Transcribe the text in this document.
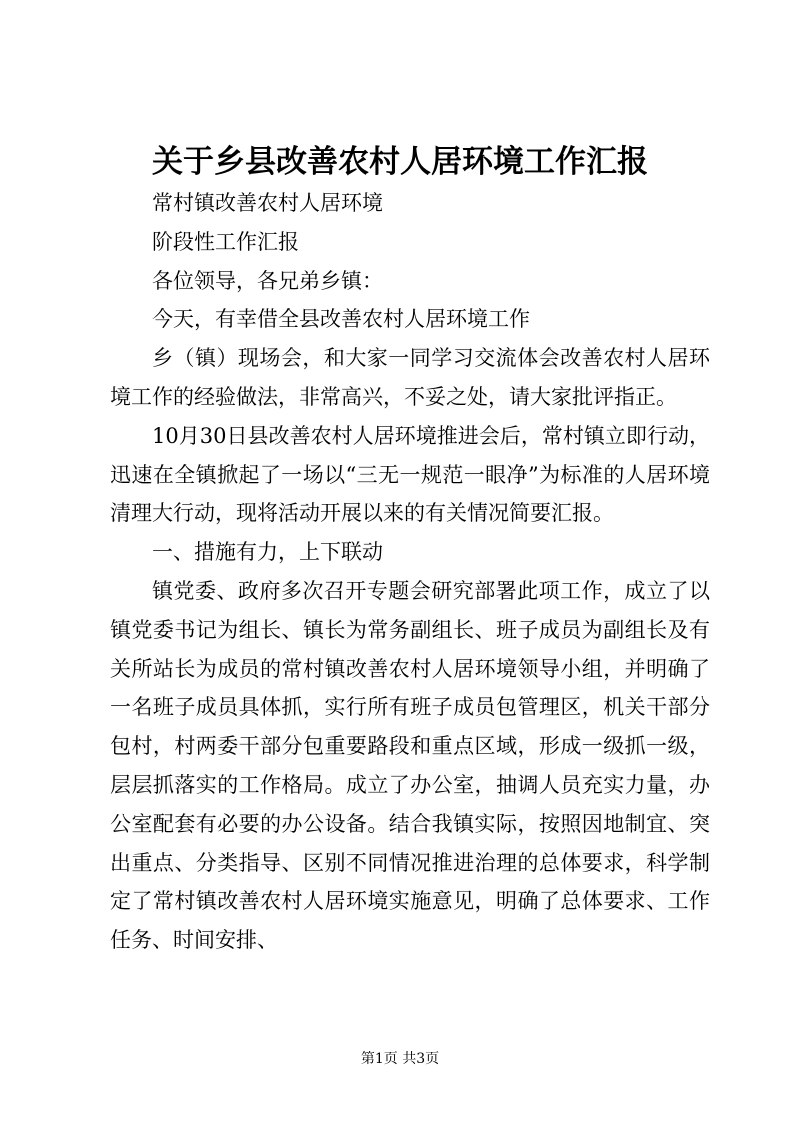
关于乡县改善农村人居环境工作汇报

常村镇改善农村人居环境

阶段性工作汇报

各位领导，各兄弟乡镇：

今天，有幸借全县改善农村人居环境工作

乡（镇）现场会，和大家一同学习交流体会改善农村人居环境工作的经验做法，非常高兴，不妥之处，请大家批评指正。

10月30日县改善农村人居环境推进会后，常村镇立即行动，迅速在全镇掀起了一场以“三无一规范一眼净”为标准的人居环境清理大行动，现将活动开展以来的有关情况简要汇报。

一、措施有力，上下联动

镇党委、政府多次召开专题会研究部署此项工作，成立了以镇党委书记为组长、镇长为常务副组长、班子成员为副组长及有关所站长为成员的常村镇改善农村人居环境领导小组，并明确了一名班子成员具体抓，实行所有班子成员包管理区，机关干部分包村，村两委干部分包重要路段和重点区域，形成一级抓一级，层层抓落实的工作格局。成立了办公室，抽调人员充实力量，办公室配套有必要的办公设备。结合我镇实际，按照因地制宜、突出重点、分类指导、区别不同情况推进治理的总体要求，科学制定了常村镇改善农村人居环境实施意见，明确了总体要求、工作任务、时间安排、

第1页 共3页
